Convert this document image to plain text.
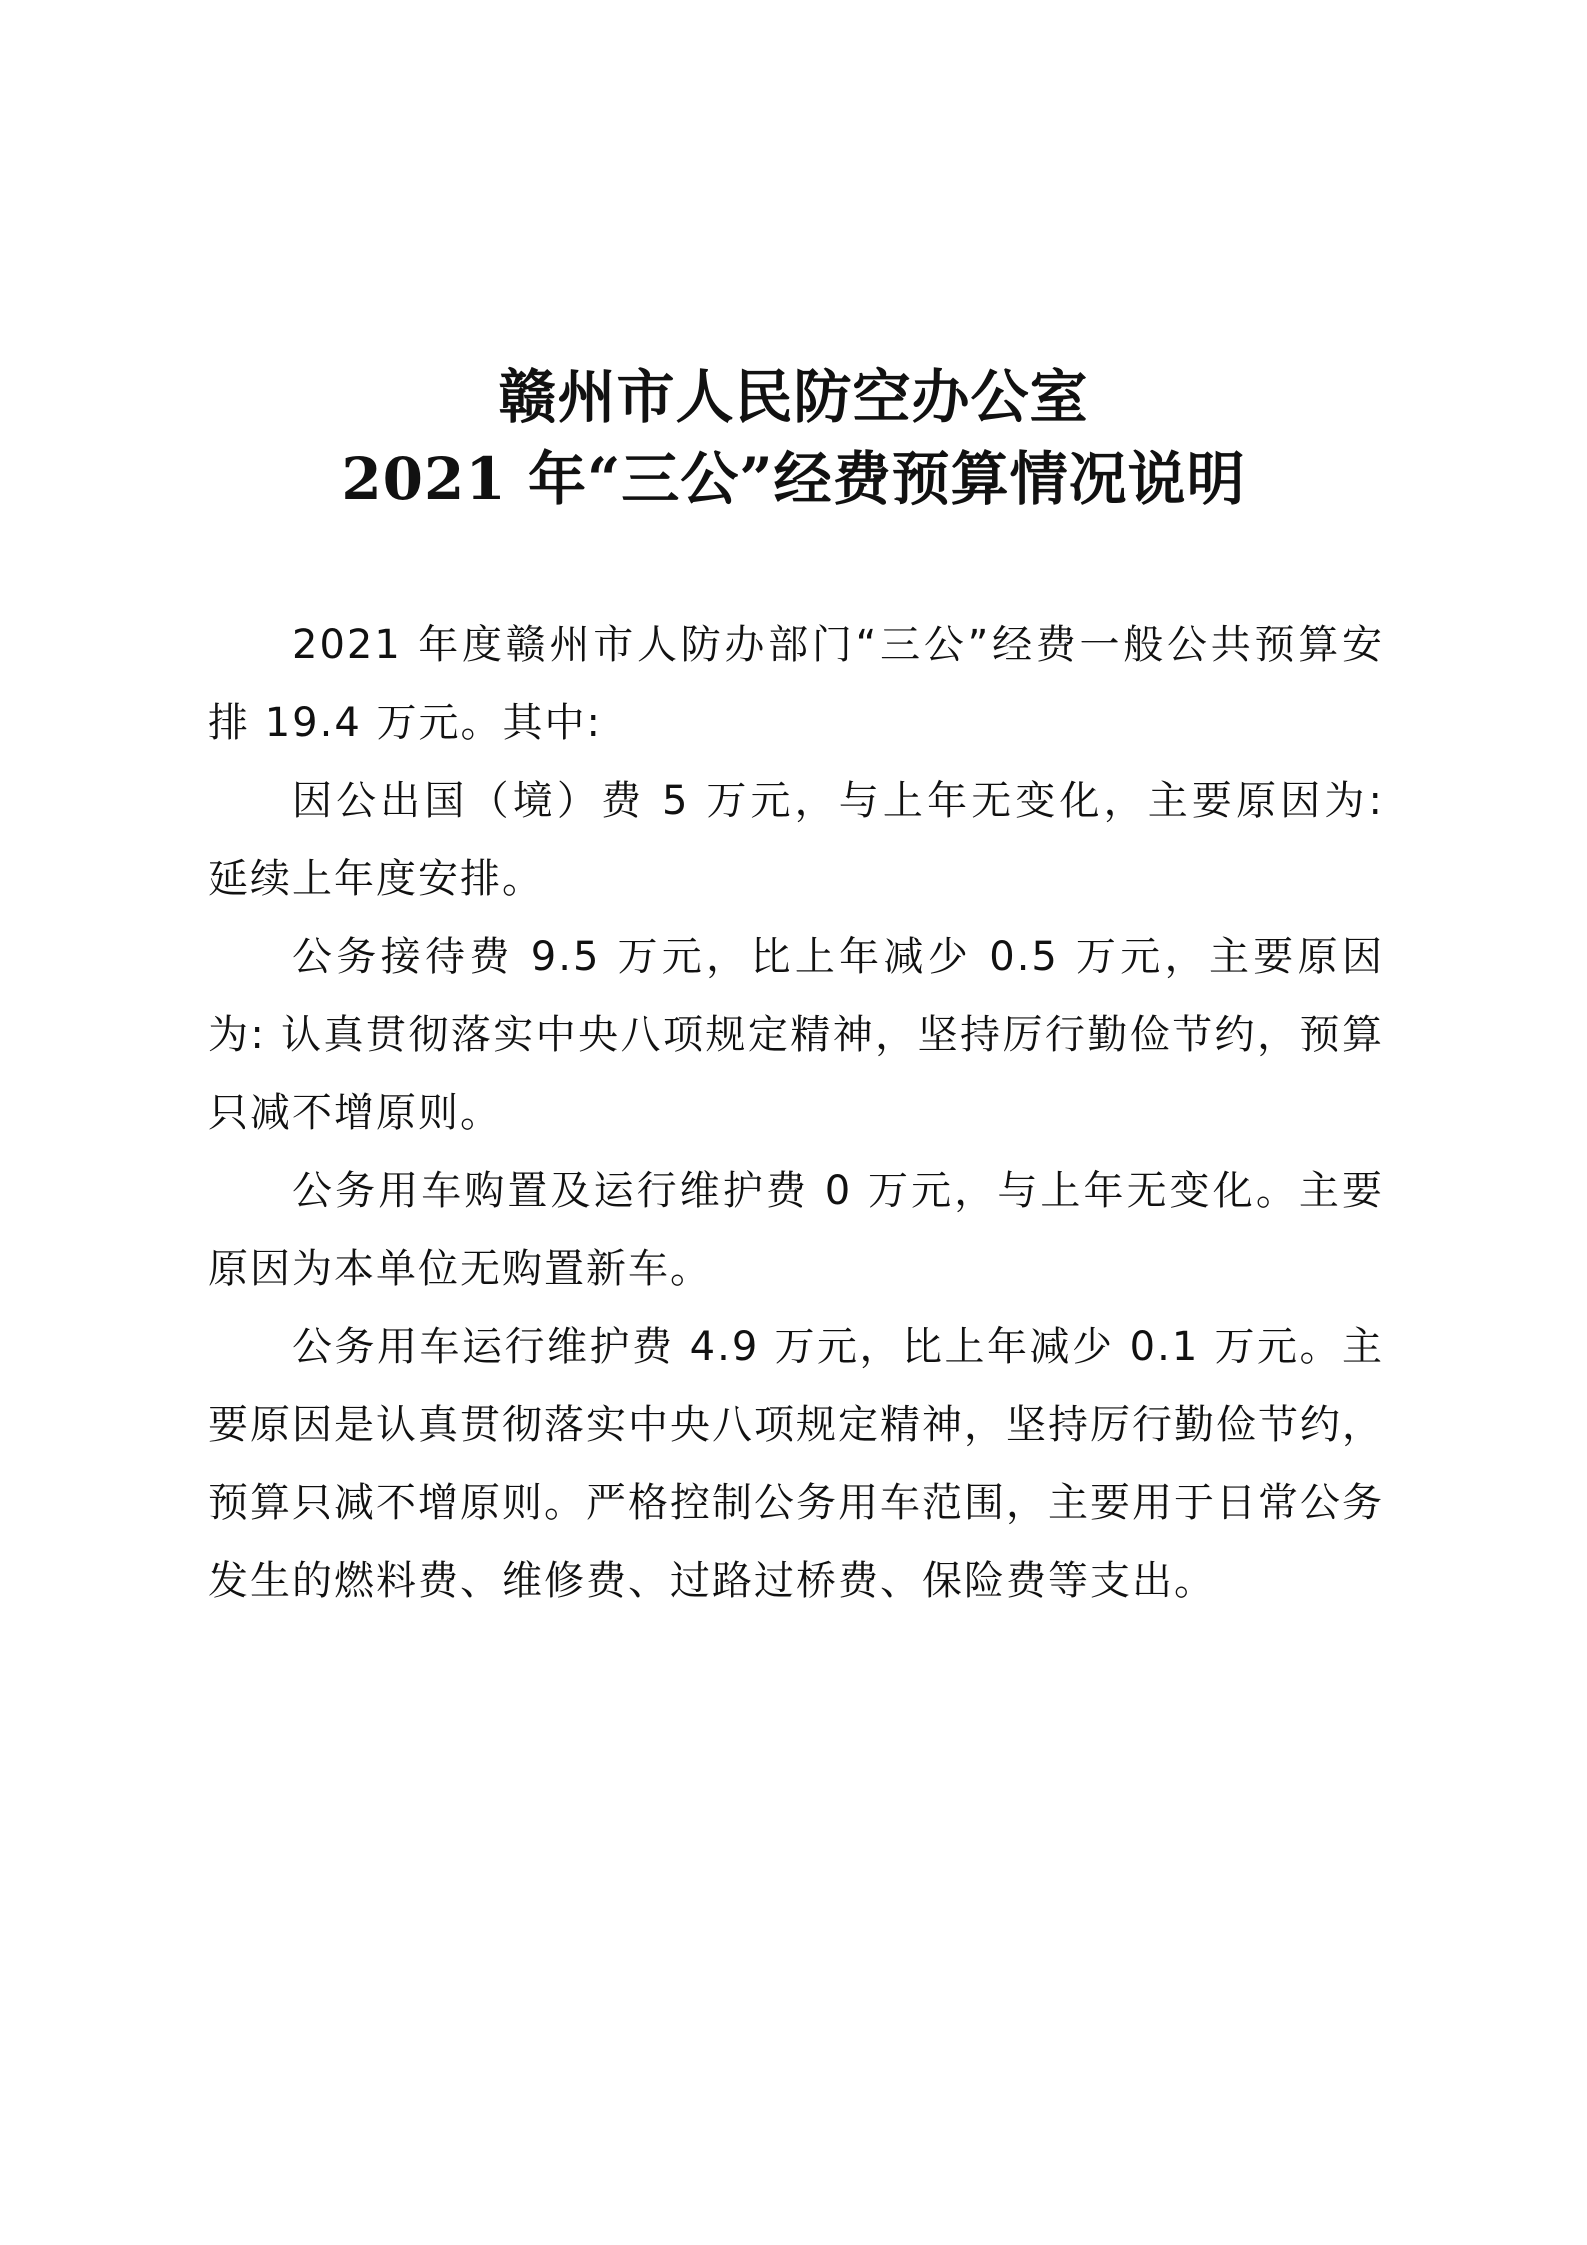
赣州市人民防空办公室
2021 年“三公”经费预算情况说明

2021 年度赣州市人防办部门“三公”经费一般公共预算安排 19.4 万元。其中:

因公出国（境）费 5 万元，与上年无变化，主要原因为: 延续上年度安排。

公务接待费 9.5 万元，比上年减少 0.5 万元，主要原因为: 认真贯彻落实中央八项规定精神，坚持厉行勤俭节约，预算只减不增原则。

公务用车购置及运行维护费 0 万元，与上年无变化。主要原因为本单位无购置新车。

公务用车运行维护费 4.9 万元，比上年减少 0.1 万元。主要原因是认真贯彻落实中央八项规定精神，坚持厉行勤俭节约，预算只减不增原则。严格控制公务用车范围，主要用于日常公务发生的燃料费、维修费、过路过桥费、保险费等支出。
